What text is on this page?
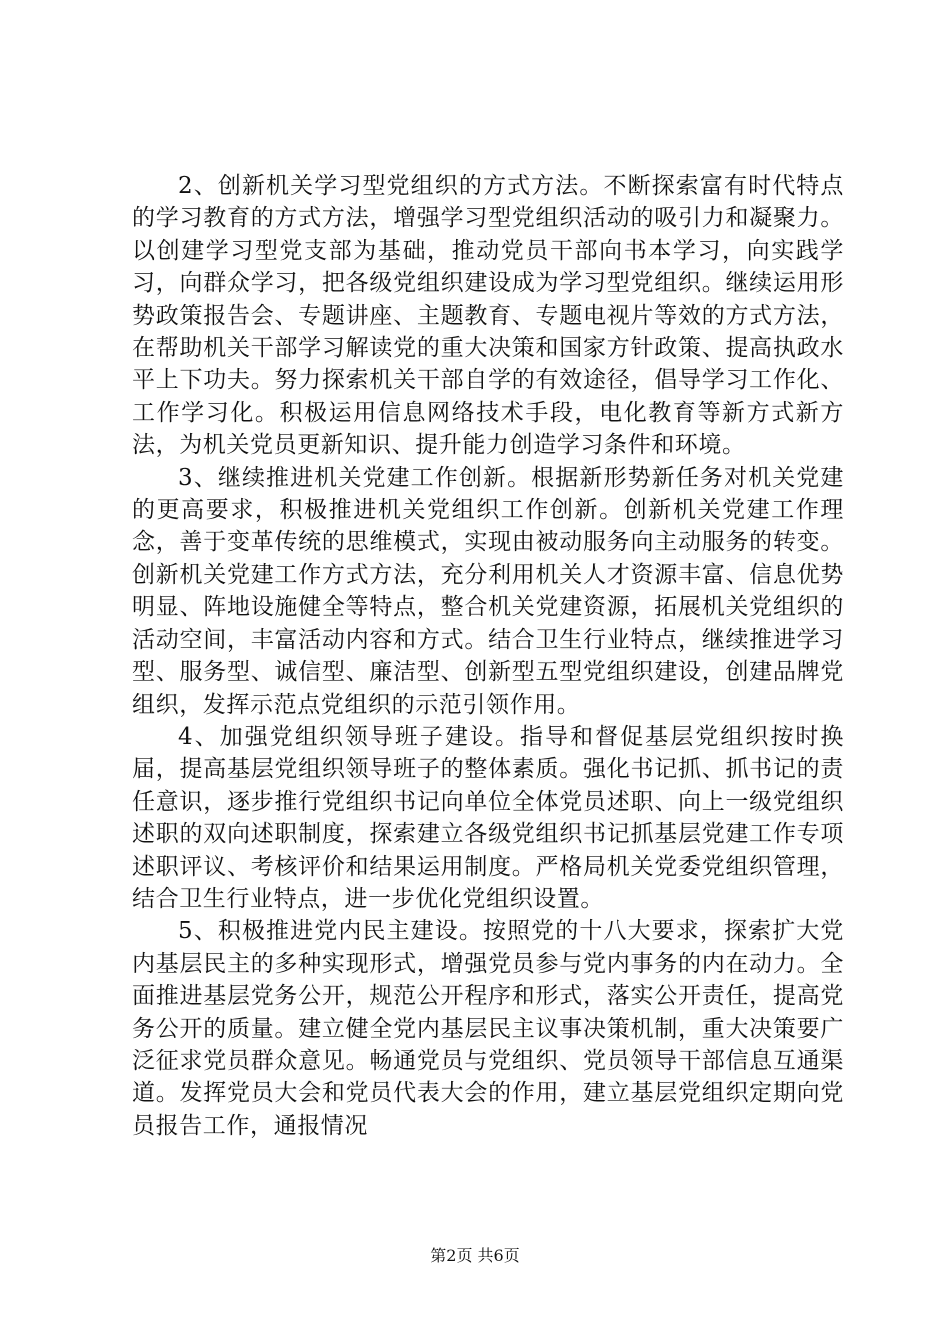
2、创新机关学习型党组织的方式方法。不断探索富有时代特点的学习教育的方式方法，增强学习型党组织活动的吸引力和凝聚力。以创建学习型党支部为基础，推动党员干部向书本学习，向实践学习，向群众学习，把各级党组织建设成为学习型党组织。继续运用形势政策报告会、专题讲座、主题教育、专题电视片等效的方式方法，在帮助机关干部学习解读党的重大决策和国家方针政策、提高执政水平上下功夫。努力探索机关干部自学的有效途径，倡导学习工作化、工作学习化。积极运用信息网络技术手段，电化教育等新方式新方法，为机关党员更新知识、提升能力创造学习条件和环境。

3、继续推进机关党建工作创新。根据新形势新任务对机关党建的更高要求，积极推进机关党组织工作创新。创新机关党建工作理念，善于变革传统的思维模式，实现由被动服务向主动服务的转变。创新机关党建工作方式方法，充分利用机关人才资源丰富、信息优势明显、阵地设施健全等特点，整合机关党建资源，拓展机关党组织的活动空间，丰富活动内容和方式。结合卫生行业特点，继续推进学习型、服务型、诚信型、廉洁型、创新型五型党组织建设，创建品牌党组织，发挥示范点党组织的示范引领作用。

4、加强党组织领导班子建设。指导和督促基层党组织按时换届，提高基层党组织领导班子的整体素质。强化书记抓、抓书记的责任意识，逐步推行党组织书记向单位全体党员述职、向上一级党组织述职的双向述职制度，探索建立各级党组织书记抓基层党建工作专项述职评议、考核评价和结果运用制度。严格局机关党委党组织管理，结合卫生行业特点，进一步优化党组织设置。

5、积极推进党内民主建设。按照党的十八大要求，探索扩大党内基层民主的多种实现形式，增强党员参与党内事务的内在动力。全面推进基层党务公开，规范公开程序和形式，落实公开责任，提高党务公开的质量。建立健全党内基层民主议事决策机制，重大决策要广泛征求党员群众意见。畅通党员与党组织、党员领导干部信息互通渠道。发挥党员大会和党员代表大会的作用，建立基层党组织定期向党员报告工作，通报情况

第2页 共6页
